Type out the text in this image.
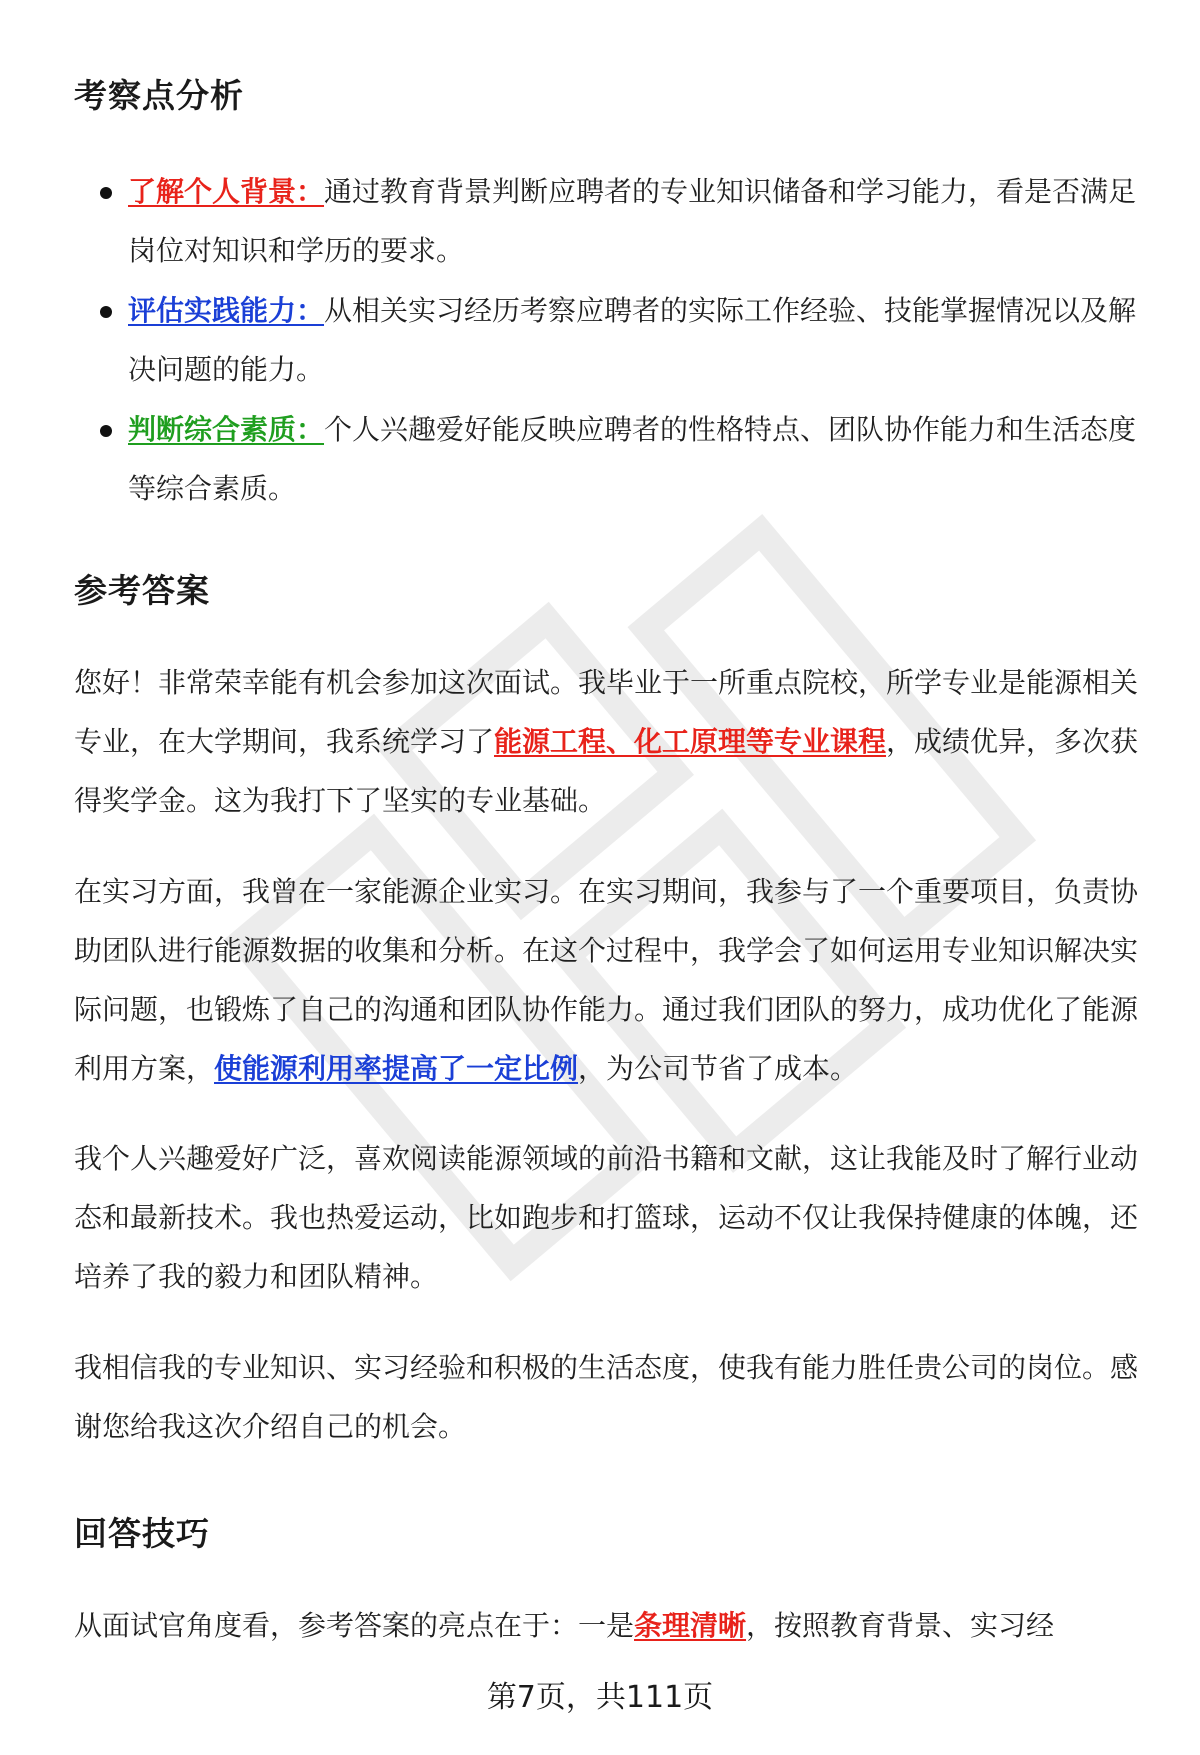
考察点分析
了解个人背景：通过教育背景判断应聘者的专业知识储备和学习能力，看是否满足岗位对知识和学历的要求。
评估实践能力：从相关实习经历考察应聘者的实际工作经验、技能掌握情况以及解决问题的能力。
判断综合素质：个人兴趣爱好能反映应聘者的性格特点、团队协作能力和生活态度等综合素质。
参考答案

您好！非常荣幸能有机会参加这次面试。我毕业于一所重点院校，所学专业是能源相关专业，在大学期间，我系统学习了能源工程、化工原理等专业课程，成绩优异，多次获得奖学金。这为我打下了坚实的专业基础。

在实习方面，我曾在一家能源企业实习。在实习期间，我参与了一个重要项目，负责协助团队进行能源数据的收集和分析。在这个过程中，我学会了如何运用专业知识解决实际问题，也锻炼了自己的沟通和团队协作能力。通过我们团队的努力，成功优化了能源利用方案，使能源利用率提高了一定比例，为公司节省了成本。

我个人兴趣爱好广泛，喜欢阅读能源领域的前沿书籍和文献，这让我能及时了解行业动态和最新技术。我也热爱运动，比如跑步和打篮球，运动不仅让我保持健康的体魄，还培养了我的毅力和团队精神。

我相信我的专业知识、实习经验和积极的生活态度，使我有能力胜任贵公司的岗位。感谢您给我这次介绍自己的机会。

回答技巧

从面试官角度看，参考答案的亮点在于：一是条理清晰，按照教育背景、实习经

第7页，共111页
